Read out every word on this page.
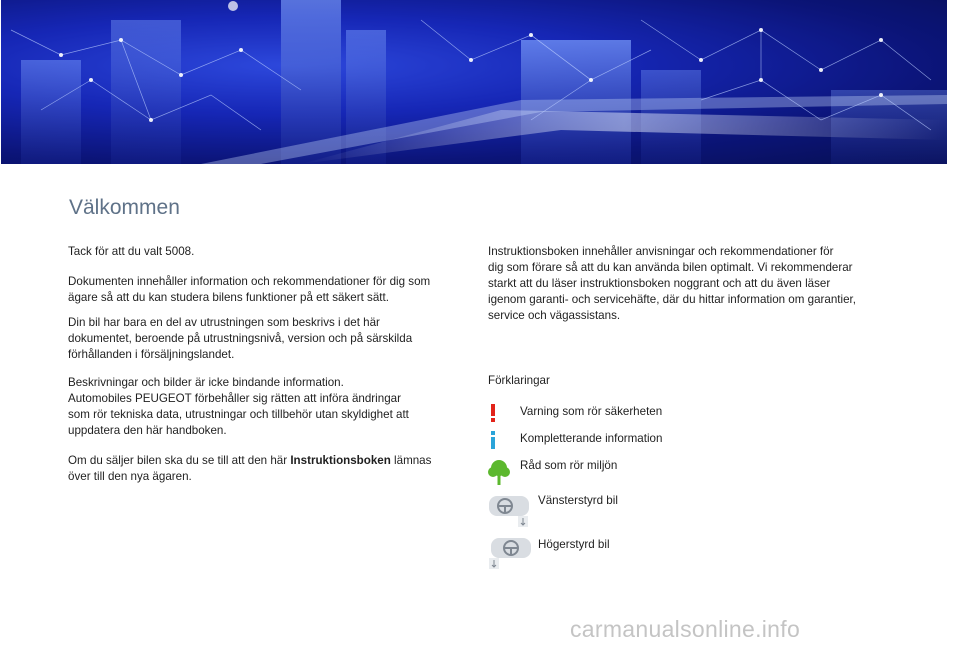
Välkommen

Tack för att du valt 5008.

Dokumenten innehåller information och rekommendationer för dig som
ägare så att du kan studera bilens funktioner på ett säkert sätt.

Din bil har bara en del av utrustningen som beskrivs i det här
dokumentet, beroende på utrustningsnivå, version och på särskilda
förhållanden i försäljningslandet.

Beskrivningar och bilder är icke bindande information.
Automobiles PEUGEOT förbehåller sig rätten att införa ändringar
som rör tekniska data, utrustningar och tillbehör utan skyldighet att
uppdatera den här handboken.

Om du säljer bilen ska du se till att den här Instruktionsboken lämnas
över till den nya ägaren.

Instruktionsboken innehåller anvisningar och rekommendationer för
dig som förare så att du kan använda bilen optimalt. Vi rekommenderar
starkt att du läser instruktionsboken noggrant och att du även läser
igenom garanti- och servicehäfte, där du hittar information om garantier,
service och vägassistans.

Förklaringar
Varning som rör säkerheten
Kompletterande information
Råd som rör miljön
Vänsterstyrd bil
Högerstyrd bil
carmanualsonline.info
